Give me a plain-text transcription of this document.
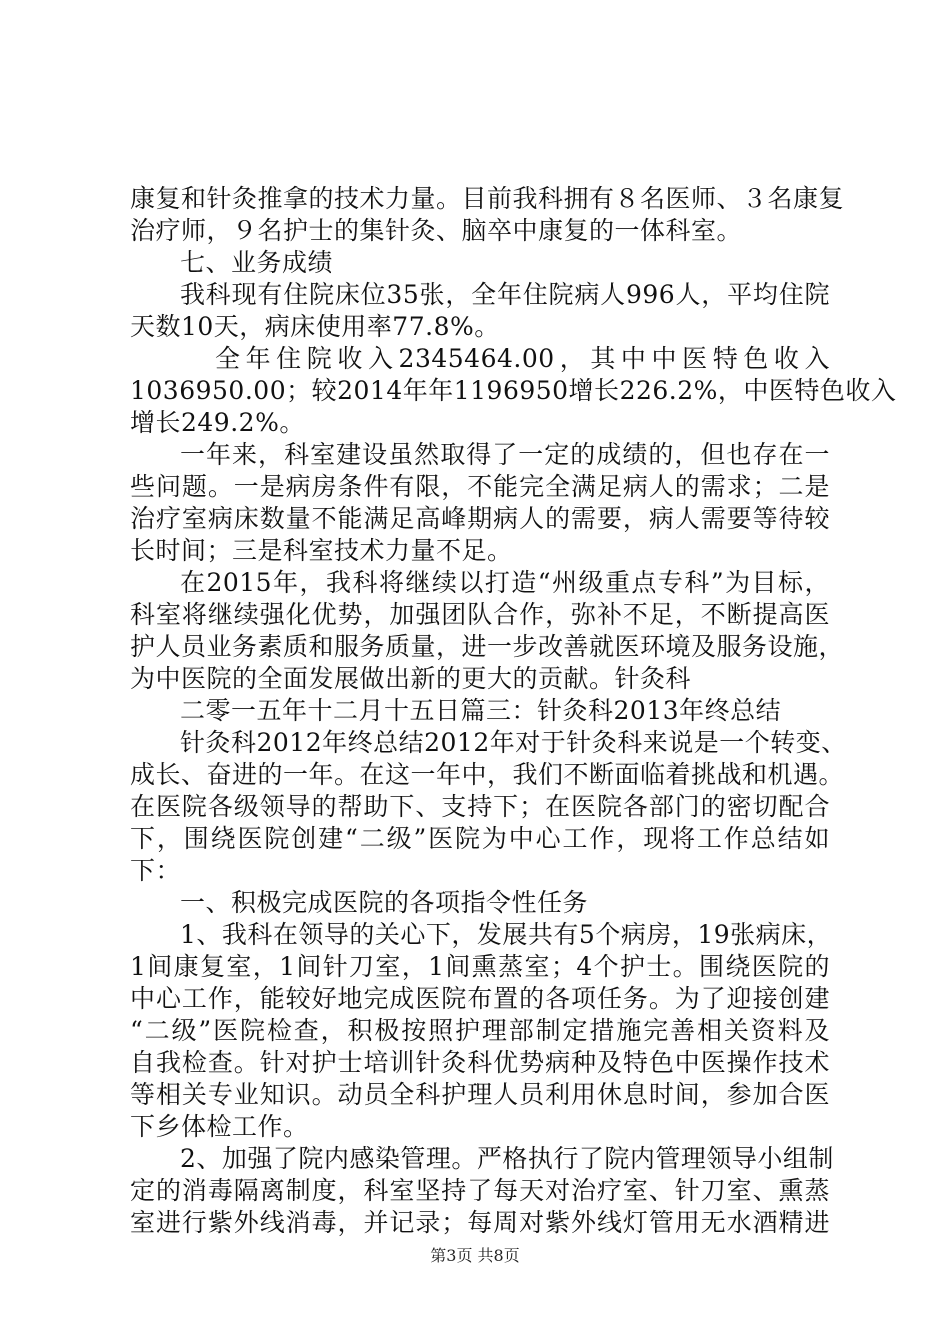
康复和针灸推拿的技术力量。目前我科拥有８名医师、３名康复
治疗师，９名护士的集针灸、脑卒中康复的一体科室。
七、业务成绩
我科现有住院床位35张，全年住院病人996人，平均住院
天数10天，病床使用率77.8%。
全年住院收入2345464.00，其中中医特色收入
1036950.00；较2014年年1196950增长226.2%，中医特色收入
增长249.2%。
一年来，科室建设虽然取得了一定的成绩的，但也存在一
些问题。一是病房条件有限，不能完全满足病人的需求；二是
治疗室病床数量不能满足高峰期病人的需要，病人需要等待较
长时间；三是科室技术力量不足。
在2015年，我科将继续以打造“州级重点专科”为目标，
科室将继续强化优势，加强团队合作，弥补不足，不断提高医
护人员业务素质和服务质量，进一步改善就医环境及服务设施，
为中医院的全面发展做出新的更大的贡献。针灸科
二零一五年十二月十五日篇三：针灸科2013年终总结
针灸科2012年终总结2012年对于针灸科来说是一个转变、
成长、奋进的一年。在这一年中，我们不断面临着挑战和机遇。
在医院各级领导的帮助下、支持下；在医院各部门的密切配合
下，围绕医院创建“二级”医院为中心工作，现将工作总结如
下：
一、积极完成医院的各项指令性任务
1、我科在领导的关心下，发展共有5个病房，19张病床，
1间康复室，1间针刀室，1间熏蒸室；4个护士。围绕医院的
中心工作，能较好地完成医院布置的各项任务。为了迎接创建
“二级”医院检查，积极按照护理部制定措施完善相关资料及
自我检查。针对护士培训针灸科优势病种及特色中医操作技术
等相关专业知识。动员全科护理人员利用休息时间，参加合医
下乡体检工作。
2、加强了院内感染管理。严格执行了院内管理领导小组制
定的消毒隔离制度，科室坚持了每天对治疗室、针刀室、熏蒸
室进行紫外线消毒，并记录；每周对紫外线灯管用无水酒精进
第3页 共8页
